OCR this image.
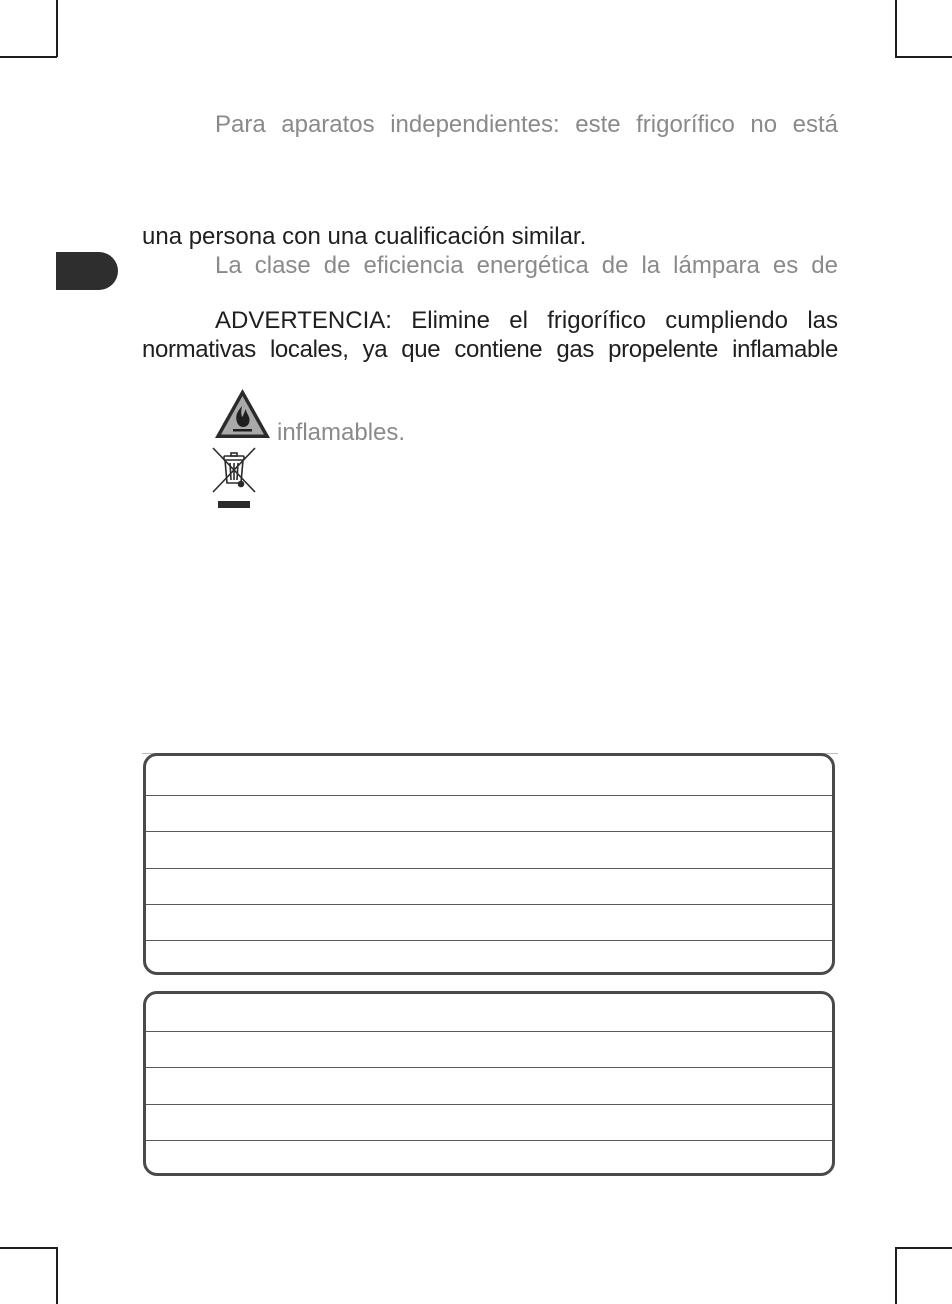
Para aparatos independientes: este frigorífico no está

una persona con una cualificación similar.

La clase de eficiencia energética de la lámpara es de

ADVERTENCIA: Elimine el frigorífico cumpliendo las

normativas locales, ya que contiene gas propelente inflamable

inflamables.
